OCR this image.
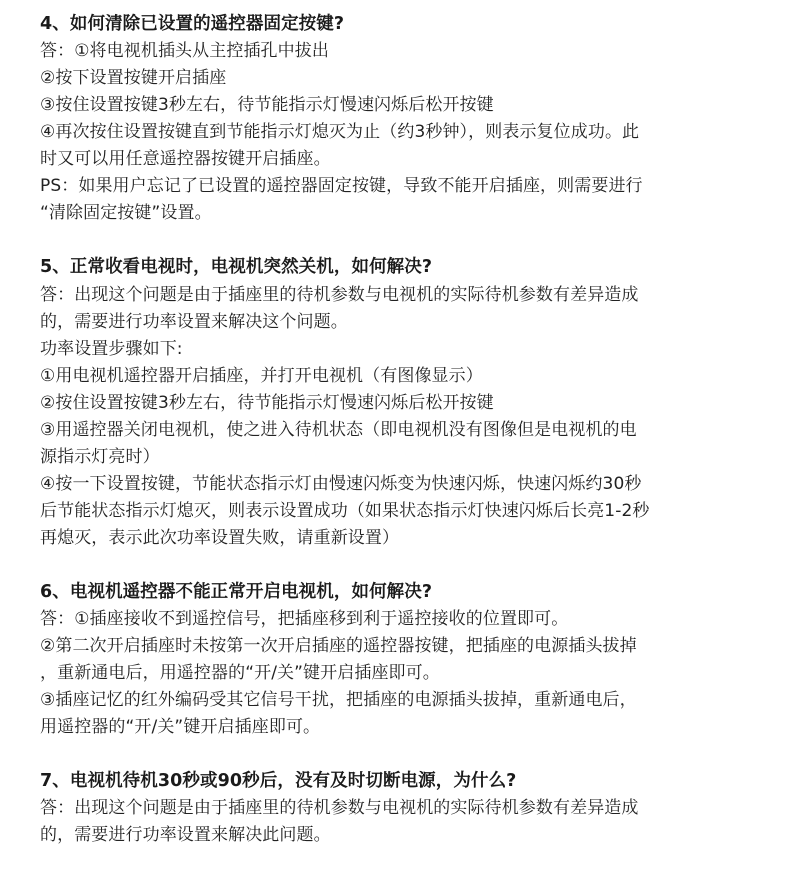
4、如何清除已设置的遥控器固定按键?
答：①将电视机插头从主控插孔中拔出
②按下设置按键开启插座
③按住设置按键3秒左右，待节能指示灯慢速闪烁后松开按键
④再次按住设置按键直到节能指示灯熄灭为止（约3秒钟），则表示复位成功。此
时又可以用任意遥控器按键开启插座。
PS：如果用户忘记了已设置的遥控器固定按键，导致不能开启插座，则需要进行
“清除固定按键”设置。
5、正常收看电视时，电视机突然关机，如何解决?
答：出现这个问题是由于插座里的待机参数与电视机的实际待机参数有差异造成
的，需要进行功率设置来解决这个问题。
功率设置步骤如下:
①用电视机遥控器开启插座，并打开电视机（有图像显示）
②按住设置按键3秒左右，待节能指示灯慢速闪烁后松开按键
③用遥控器关闭电视机，使之进入待机状态（即电视机没有图像但是电视机的电
源指示灯亮时）
④按一下设置按键，节能状态指示灯由慢速闪烁变为快速闪烁，快速闪烁约30秒
后节能状态指示灯熄灭，则表示设置成功（如果状态指示灯快速闪烁后长亮1-2秒
再熄灭，表示此次功率设置失败，请重新设置）
6、电视机遥控器不能正常开启电视机，如何解决?
答：①插座接收不到遥控信号，把插座移到利于遥控接收的位置即可。
②第二次开启插座时未按第一次开启插座的遥控器按键，把插座的电源插头拔掉
，重新通电后，用遥控器的“开/关”键开启插座即可。
③插座记忆的红外编码受其它信号干扰，把插座的电源插头拔掉，重新通电后，
用遥控器的“开/关”键开启插座即可。
7、电视机待机30秒或90秒后，没有及时切断电源，为什么?
答：出现这个问题是由于插座里的待机参数与电视机的实际待机参数有差异造成
的，需要进行功率设置来解决此问题。
